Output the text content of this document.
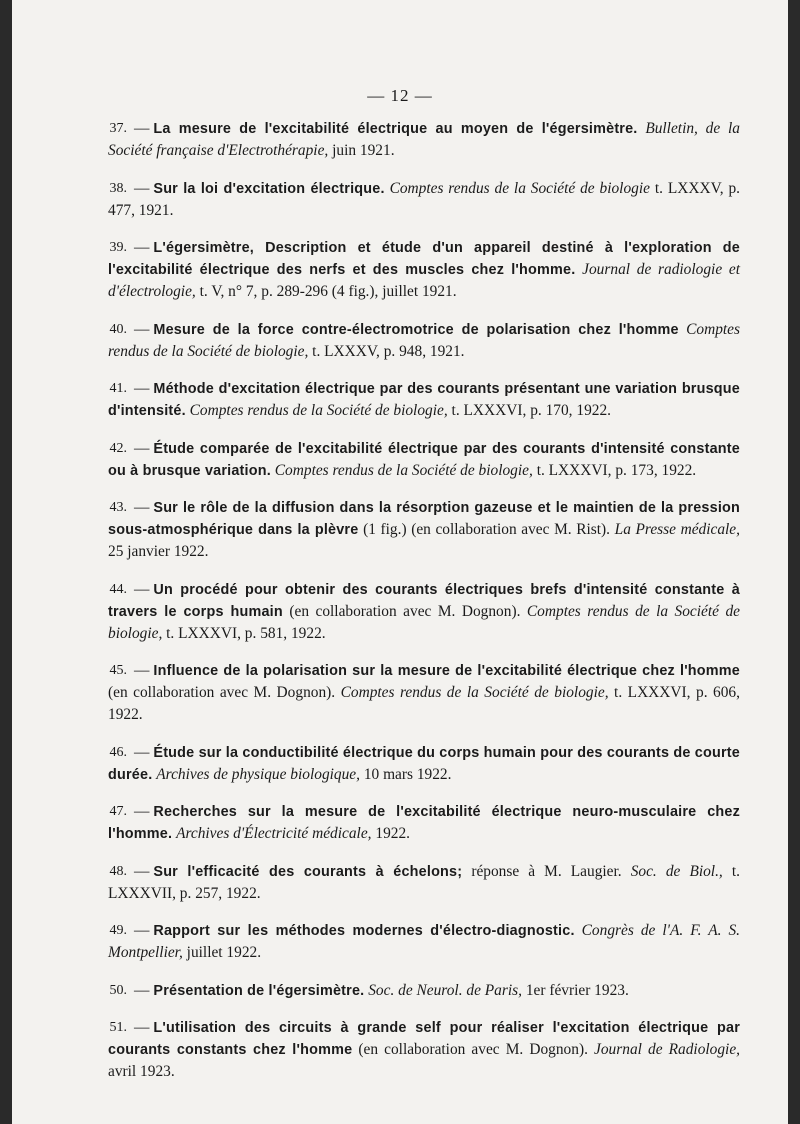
— 12 —
37. — La mesure de l'excitabilité électrique au moyen de l'égersimètre. Bulletin, de la Société française d'Electrothérapie, juin 1921.
38. — Sur la loi d'excitation électrique. Comptes rendus de la Société de biologie t. LXXXV, p. 477, 1921.
39. — L'égersimètre, Description et étude d'un appareil destiné à l'exploration de l'excitabilité électrique des nerfs et des muscles chez l'homme. Journal de radiologie et d'électrologie, t. V, n° 7, p. 289-296 (4 fig.), juillet 1921.
40. — Mesure de la force contre-électromotrice de polarisation chez l'homme Comptes rendus de la Société de biologie, t. LXXXV, p. 948, 1921.
41. — Méthode d'excitation électrique par des courants présentant une variation brusque d'intensité. Comptes rendus de la Société de biologie, t. LXXXVI, p. 170, 1922.
42. — Étude comparée de l'excitabilité électrique par des courants d'intensité constante ou à brusque variation. Comptes rendus de la Société de biologie, t. LXXXVI, p. 173, 1922.
43. — Sur le rôle de la diffusion dans la résorption gazeuse et le maintien de la pression sous-atmosphérique dans la plèvre (1 fig.) (en collaboration avec M. Rist). La Presse médicale, 25 janvier 1922.
44. — Un procédé pour obtenir des courants électriques brefs d'intensité constante à travers le corps humain (en collaboration avec M. Dognon). Comptes rendus de la Société de biologie, t. LXXXVI, p. 581, 1922.
45. — Influence de la polarisation sur la mesure de l'excitabilité électrique chez l'homme (en collaboration avec M. Dognon). Comptes rendus de la Société de biologie, t. LXXXVI, p. 606, 1922.
46. — Étude sur la conductibilité électrique du corps humain pour des courants de courte durée. Archives de physique biologique, 10 mars 1922.
47. — Recherches sur la mesure de l'excitabilité électrique neuro-musculaire chez l'homme. Archives d'Électricité médicale, 1922.
48. — Sur l'efficacité des courants à échelons; réponse à M. Laugier. Soc. de Biol., t. LXXXVII, p. 257, 1922.
49. — Rapport sur les méthodes modernes d'électro-diagnostic. Congrès de l'A. F. A. S. Montpellier, juillet 1922.
50. — Présentation de l'égersimètre. Soc. de Neurol. de Paris, 1er février 1923.
51. — L'utilisation des circuits à grande self pour réaliser l'excitation électrique par courants constants chez l'homme (en collaboration avec M. Dognon). Journal de Radiologie, avril 1923.
